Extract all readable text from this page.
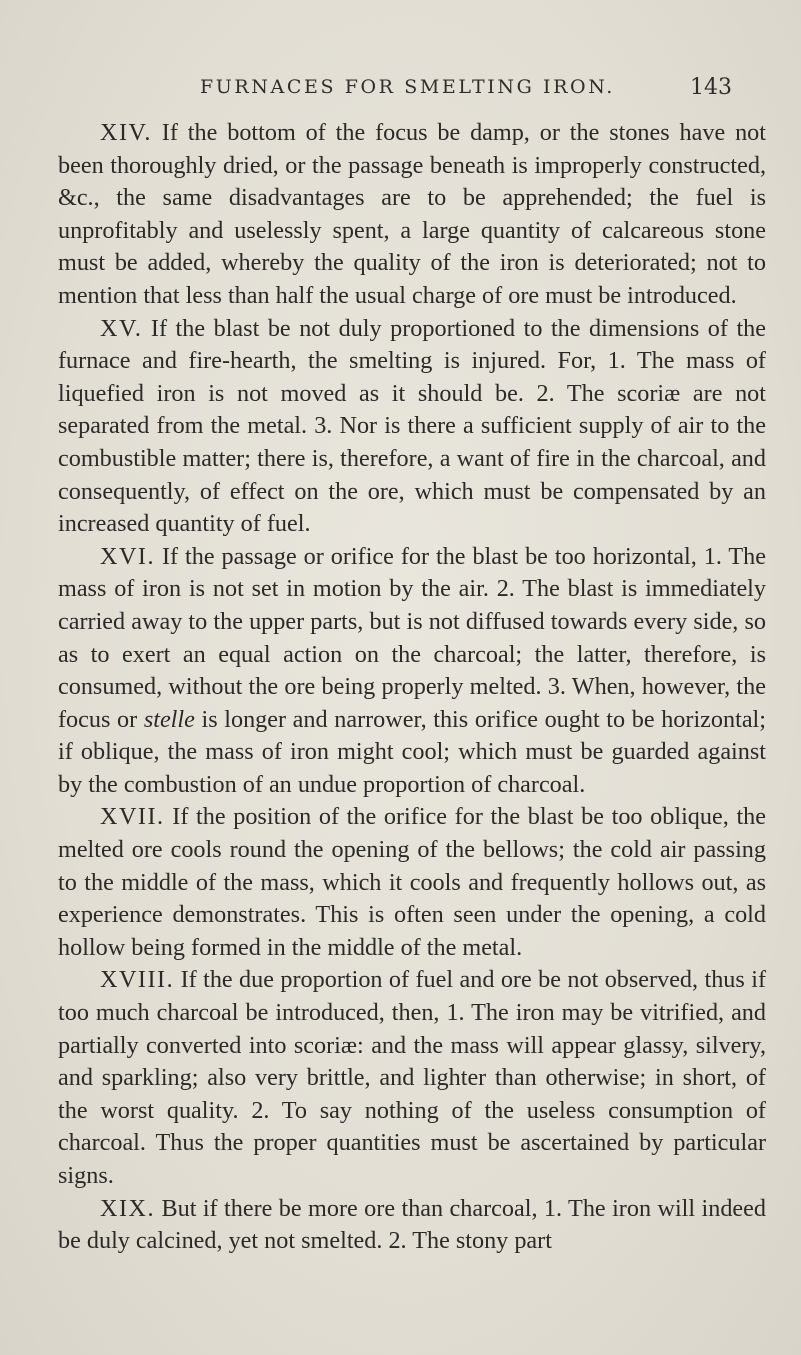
FURNACES FOR SMELTING IRON.	143

XIV. If the bottom of the focus be damp, or the stones have not been thoroughly dried, or the passage beneath is improperly constructed, &c., the same disadvantages are to be apprehended; the fuel is unprofitably and uselessly spent, a large quantity of calcareous stone must be added, whereby the quality of the iron is deteriorated; not to mention that less than half the usual charge of ore must be introduced.

XV. If the blast be not duly proportioned to the dimensions of the furnace and fire-hearth, the smelting is injured. For, 1. The mass of liquefied iron is not moved as it should be. 2. The scoriæ are not separated from the metal. 3. Nor is there a sufficient supply of air to the combustible matter; there is, therefore, a want of fire in the charcoal, and consequently, of effect on the ore, which must be compensated by an increased quantity of fuel.

XVI. If the passage or orifice for the blast be too horizontal, 1. The mass of iron is not set in motion by the air. 2. The blast is immediately carried away to the upper parts, but is not diffused towards every side, so as to exert an equal action on the charcoal; the latter, therefore, is consumed, without the ore being properly melted. 3. When, however, the focus or stelle is longer and narrower, this orifice ought to be horizontal; if oblique, the mass of iron might cool; which must be guarded against by the combustion of an undue proportion of charcoal.

XVII. If the position of the orifice for the blast be too oblique, the melted ore cools round the opening of the bellows; the cold air passing to the middle of the mass, which it cools and frequently hollows out, as experience demonstrates. This is often seen under the opening, a cold hollow being formed in the middle of the metal.

XVIII. If the due proportion of fuel and ore be not observed, thus if too much charcoal be introduced, then, 1. The iron may be vitrified, and partially converted into scoriæ: and the mass will appear glassy, silvery, and sparkling; also very brittle, and lighter than otherwise; in short, of the worst quality. 2. To say nothing of the useless consumption of charcoal. Thus the proper quantities must be ascertained by particular signs.

XIX. But if there be more ore than charcoal, 1. The iron will indeed be duly calcined, yet not smelted. 2. The stony part
